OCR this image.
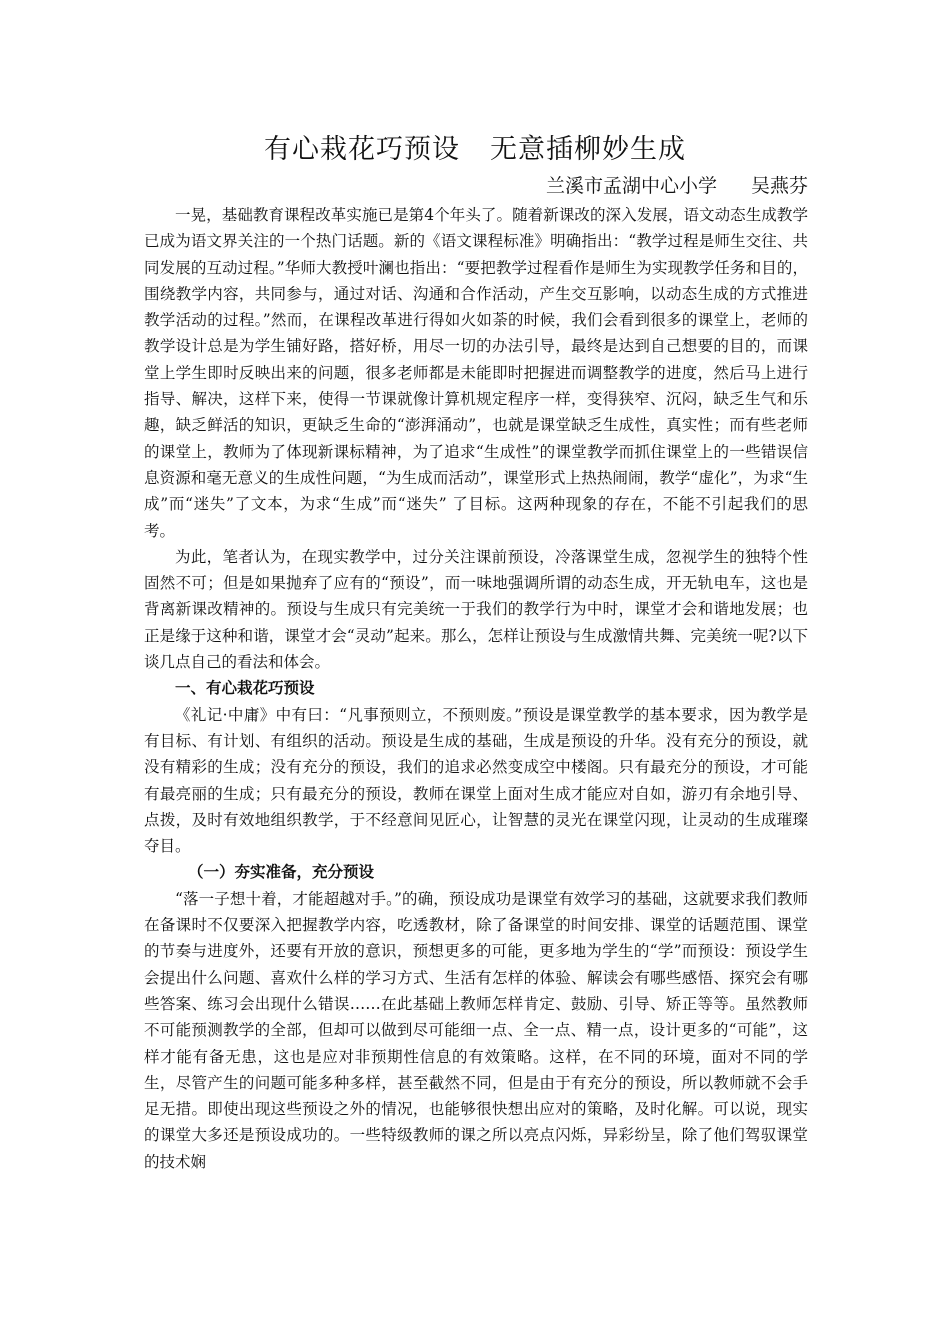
有心栽花巧预设 无意插柳妙生成
兰溪市孟湖中心小学 吴燕芬

一晃，基础教育课程改革实施已是第4个年头了。随着新课改的深入发展，语文动态生成教学已成为语文界关注的一个热门话题。新的《语文课程标准》明确指出：“教学过程是师生交往、共同发展的互动过程。”华师大教授叶澜也指出：“要把教学过程看作是师生为实现教学任务和目的，围绕教学内容，共同参与，通过对话、沟通和合作活动，产生交互影响，以动态生成的方式推进教学活动的过程。”然而，在课程改革进行得如火如荼的时候，我们会看到很多的课堂上，老师的教学设计总是为学生铺好路，搭好桥，用尽一切的办法引导，最终是达到自己想要的目的，而课堂上学生即时反映出来的问题，很多老师都是未能即时把握进而调整教学的进度，然后马上进行指导、解决，这样下来，使得一节课就像计算机规定程序一样，变得狭窄、沉闷，缺乏生气和乐趣，缺乏鲜活的知识，更缺乏生命的“澎湃涌动”，也就是课堂缺乏生成性，真实性；而有些老师的课堂上，教师为了体现新课标精神，为了追求“生成性”的课堂教学而抓住课堂上的一些错误信息资源和毫无意义的生成性问题，“为生成而活动”，课堂形式上热热闹闹，教学“虚化”，为求“生成”而“迷失”了文本，为求“生成”而“迷失” 了目标。这两种现象的存在，不能不引起我们的思考。

为此，笔者认为，在现实教学中，过分关注课前预设，冷落课堂生成，忽视学生的独特个性固然不可；但是如果抛弃了应有的“预设”，而一味地强调所谓的动态生成，开无轨电车，这也是背离新课改精神的。预设与生成只有完美统一于我们的教学行为中时，课堂才会和谐地发展；也正是缘于这种和谐，课堂才会“灵动”起来。那么，怎样让预设与生成激情共舞、完美统一呢?以下谈几点自己的看法和体会。

一、有心栽花巧预设

《礼记·中庸》中有曰：“凡事预则立，不预则废。”预设是课堂教学的基本要求，因为教学是有目标、有计划、有组织的活动。预设是生成的基础，生成是预设的升华。没有充分的预设，就没有精彩的生成；没有充分的预设，我们的追求必然变成空中楼阁。只有最充分的预设，才可能有最亮丽的生成；只有最充分的预设，教师在课堂上面对生成才能应对自如，游刃有余地引导、点拨，及时有效地组织教学，于不经意间见匠心，让智慧的灵光在课堂闪现，让灵动的生成璀璨夺目。

（一）夯实准备，充分预设

“落一子想十着，才能超越对手。”的确，预设成功是课堂有效学习的基础，这就要求我们教师在备课时不仅要深入把握教学内容，吃透教材，除了备课堂的时间安排、课堂的话题范围、课堂的节奏与进度外，还要有开放的意识，预想更多的可能，更多地为学生的“学”而预设：预设学生会提出什么问题、喜欢什么样的学习方式、生活有怎样的体验、解读会有哪些感悟、探究会有哪些答案、练习会出现什么错误……在此基础上教师怎样肯定、鼓励、引导、矫正等等。虽然教师不可能预测教学的全部，但却可以做到尽可能细一点、全一点、精一点，设计更多的“可能”，这样才能有备无患，这也是应对非预期性信息的有效策略。这样，在不同的环境，面对不同的学生，尽管产生的问题可能多种多样，甚至截然不同，但是由于有充分的预设，所以教师就不会手足无措。即使出现这些预设之外的情况，也能够很快想出应对的策略，及时化解。可以说，现实的课堂大多还是预设成功的。一些特级教师的课之所以亮点闪烁，异彩纷呈，除了他们驾驭课堂的技术娴
